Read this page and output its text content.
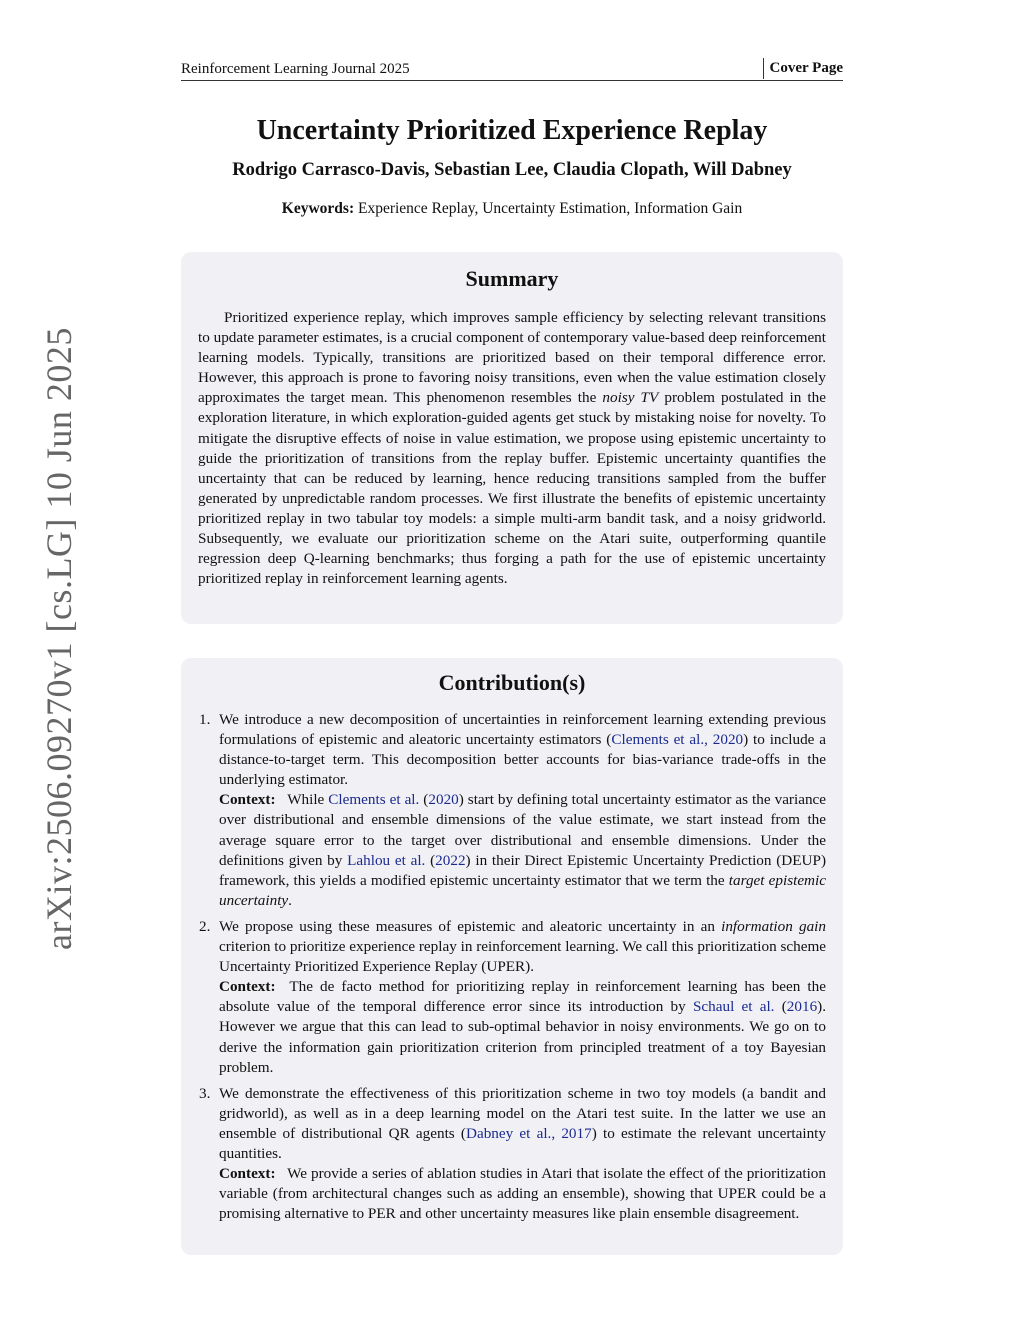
arXiv:2506.09270v1 [cs.LG] 10 Jun 2025
Reinforcement Learning Journal 2025	Cover Page
Uncertainty Prioritized Experience Replay
Rodrigo Carrasco-Davis, Sebastian Lee, Claudia Clopath, Will Dabney
Keywords: Experience Replay, Uncertainty Estimation, Information Gain
Summary

Prioritized experience replay, which improves sample efficiency by selecting relevant transitions to update parameter estimates, is a crucial component of contemporary value-based deep reinforcement learning models. Typically, transitions are prioritized based on their temporal difference error. However, this approach is prone to favoring noisy transitions, even when the value estimation closely approximates the target mean. This phenomenon resembles the noisy TV problem postulated in the exploration literature, in which exploration-guided agents get stuck by mistaking noise for novelty. To mitigate the disruptive effects of noise in value estimation, we propose using epistemic uncertainty to guide the prioritization of transitions from the replay buffer. Epistemic uncertainty quantifies the uncertainty that can be reduced by learning, hence reducing transitions sampled from the buffer generated by unpredictable random processes. We first illustrate the benefits of epistemic uncertainty prioritized replay in two tabular toy models: a simple multi-arm bandit task, and a noisy gridworld. Subsequently, we evaluate our prioritization scheme on the Atari suite, outperforming quantile regression deep Q-learning benchmarks; thus forging a path for the use of epistemic uncertainty prioritized replay in reinforcement learning agents.

Contribution(s)
1. We introduce a new decomposition of uncertainties in reinforcement learning extending previous formulations of epistemic and aleatoric uncertainty estimators (Clements et al., 2020) to include a distance-to-target term. This decomposition better accounts for bias-variance trade-offs in the underlying estimator.
Context: While Clements et al. (2020) start by defining total uncertainty estimator as the variance over distributional and ensemble dimensions of the value estimate, we start instead from the average square error to the target over distributional and ensemble dimensions. Under the definitions given by Lahlou et al. (2022) in their Direct Epistemic Uncertainty Prediction (DEUP) framework, this yields a modified epistemic uncertainty estimator that we term the target epistemic uncertainty.
2. We propose using these measures of epistemic and aleatoric uncertainty in an information gain criterion to prioritize experience replay in reinforcement learning. We call this prioritization scheme Uncertainty Prioritized Experience Replay (UPER).
Context: The de facto method for prioritizing replay in reinforcement learning has been the absolute value of the temporal difference error since its introduction by Schaul et al. (2016). However we argue that this can lead to sub-optimal behavior in noisy environments. We go on to derive the information gain prioritization criterion from principled treatment of a toy Bayesian problem.
3. We demonstrate the effectiveness of this prioritization scheme in two toy models (a bandit and gridworld), as well as in a deep learning model on the Atari test suite. In the latter we use an ensemble of distributional QR agents (Dabney et al., 2017) to estimate the relevant uncertainty quantities.
Context: We provide a series of ablation studies in Atari that isolate the effect of the prioritization variable (from architectural changes such as adding an ensemble), showing that UPER could be a promising alternative to PER and other uncertainty measures like plain ensemble disagreement.
